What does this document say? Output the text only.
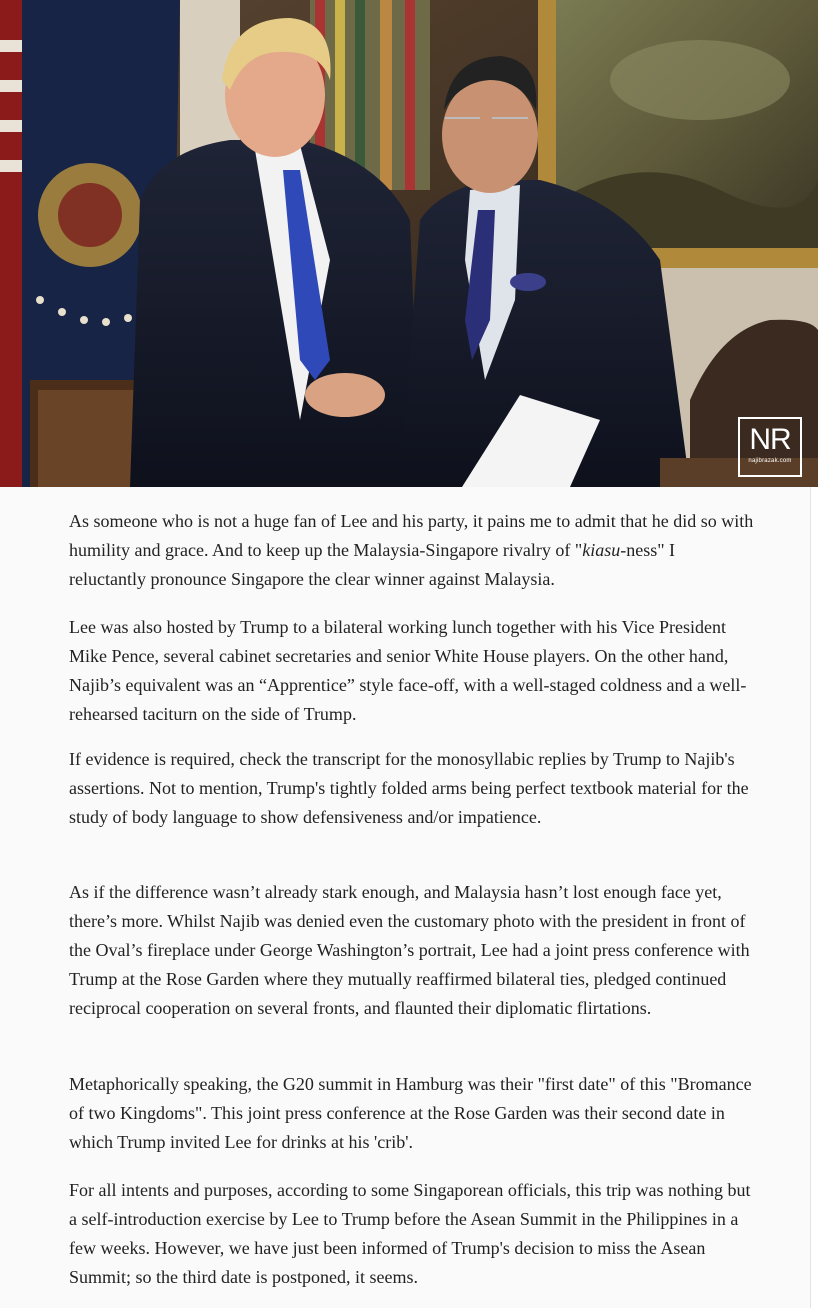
NR
najibrazak.com

As someone who is not a huge fan of Lee and his party, it pains me to admit that he did so with humility and grace. And to keep up the Malaysia-Singapore rivalry of "kiasu-ness" I reluctantly pronounce Singapore the clear winner against Malaysia.

Lee was also hosted by Trump to a bilateral working lunch together with his Vice President Mike Pence, several cabinet secretaries and senior White House players. On the other hand, Najib’s equivalent was an “Apprentice” style face-off, with a well-staged coldness and a well-rehearsed taciturn on the side of Trump.

If evidence is required, check the transcript for the monosyllabic replies by Trump to Najib's assertions. Not to mention, Trump's tightly folded arms being perfect textbook material for the study of body language to show defensiveness and/or impatience.

As if the difference wasn’t already stark enough, and Malaysia hasn’t lost enough face yet, there’s more. Whilst Najib was denied even the customary photo with the president in front of the Oval’s fireplace under George Washington’s portrait, Lee had a joint press conference with Trump at the Rose Garden where they mutually reaffirmed bilateral ties, pledged continued reciprocal cooperation on several fronts, and flaunted their diplomatic flirtations.

Metaphorically speaking, the G20 summit in Hamburg was their "first date" of this "Bromance of two Kingdoms". This joint press conference at the Rose Garden was their second date in which Trump invited Lee for drinks at his 'crib'.

For all intents and purposes, according to some Singaporean officials, this trip was nothing but a self-introduction exercise by Lee to Trump before the Asean Summit in the Philippines in a few weeks. However, we have just been informed of Trump's decision to miss the Asean Summit; so the third date is postponed, it seems.
